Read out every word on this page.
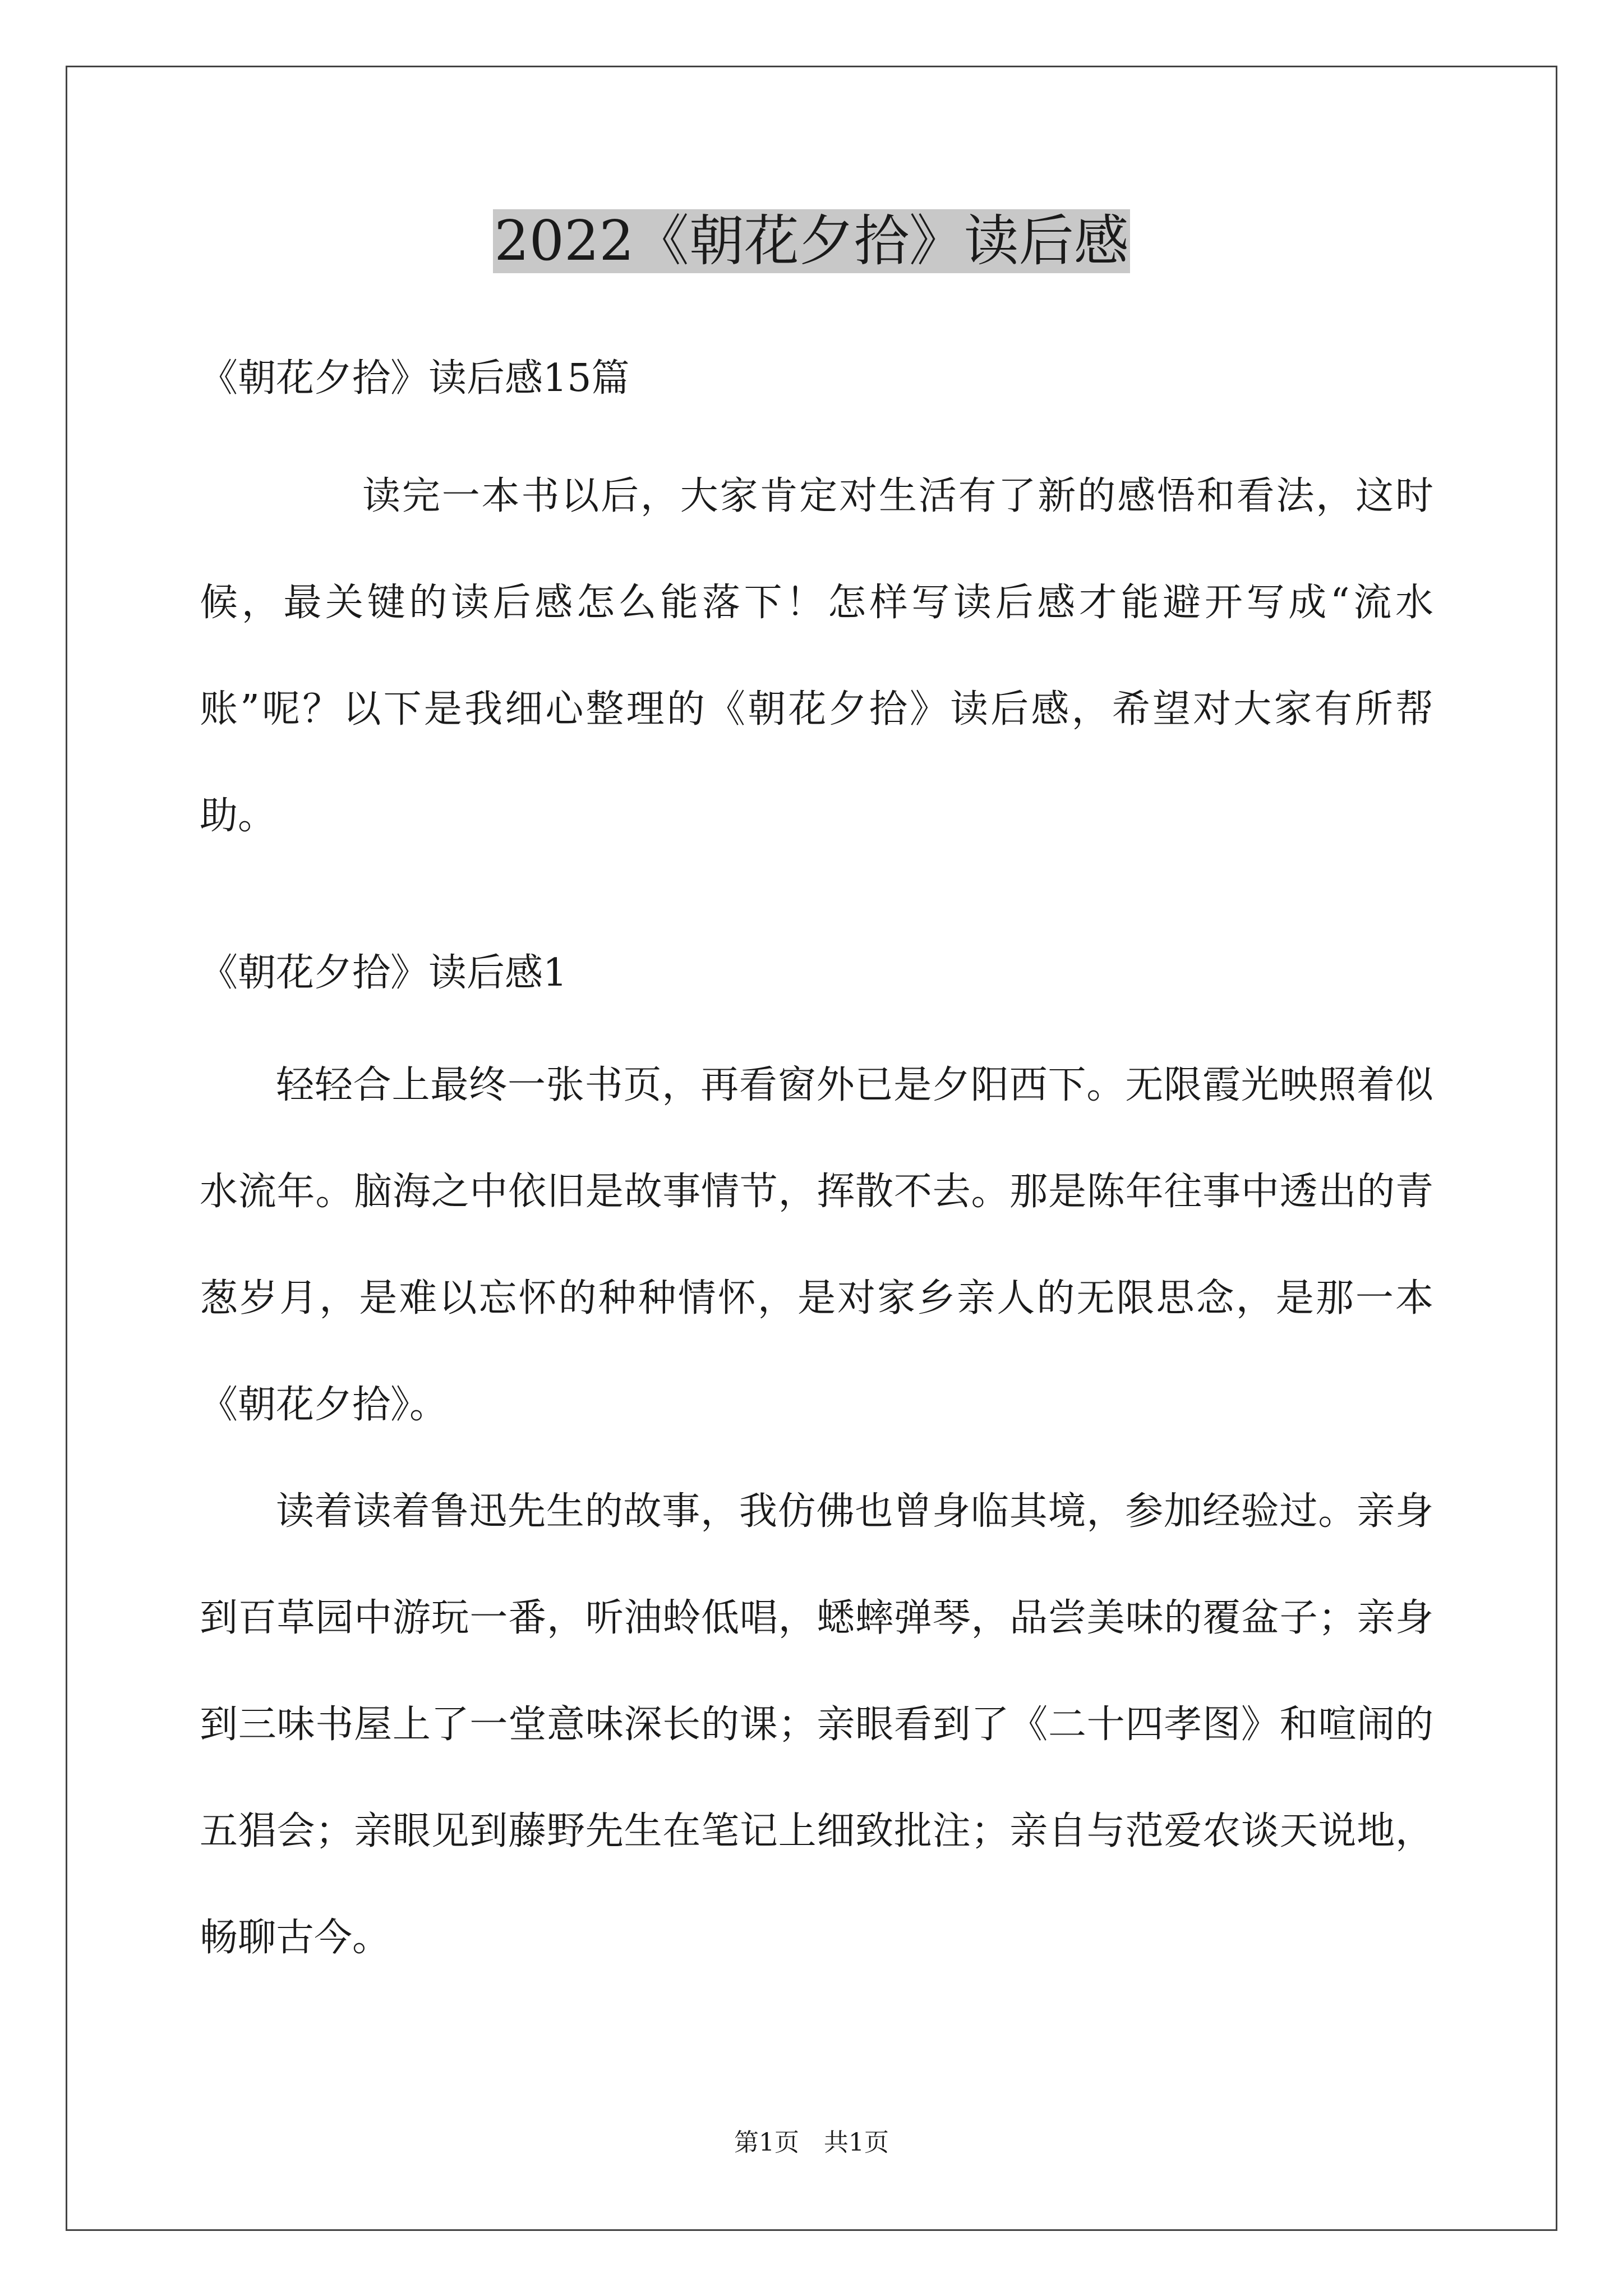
2022《朝花夕拾》读后感
《朝花夕拾》读后感15篇

读完一本书以后，大家肯定对生活有了新的感悟和看法，这时候，最关键的读后感怎么能落下！怎样写读后感才能避开写成“流水账”呢？以下是我细心整理的《朝花夕拾》读后感，希望对大家有所帮助。

《朝花夕拾》读后感1

轻轻合上最终一张书页，再看窗外已是夕阳西下。无限霞光映照着似水流年。脑海之中依旧是故事情节，挥散不去。那是陈年往事中透出的青葱岁月，是难以忘怀的种种情怀，是对家乡亲人的无限思念，是那一本《朝花夕拾》。

读着读着鲁迅先生的故事，我仿佛也曾身临其境，参加经验过。亲身到百草园中游玩一番，听油蛉低唱，蟋蟀弹琴，品尝美味的覆盆子；亲身到三味书屋上了一堂意味深长的课；亲眼看到了《二十四孝图》和喧闹的五猖会；亲眼见到藤野先生在笔记上细致批注；亲自与范爱农谈天说地，畅聊古今。

第1页 共1页
